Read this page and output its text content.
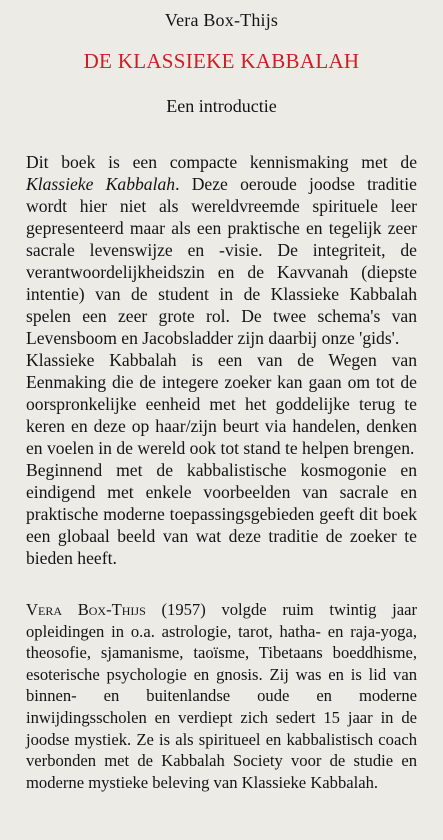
Vera Box-Thijs
DE KLASSIEKE KABBALAH
Een introductie

Dit boek is een compacte kennismaking met de Klassieke Kabbalah. Deze oeroude joodse traditie wordt hier niet als wereldvreemde spirituele leer gepresenteerd maar als een praktische en tegelijk zeer sacrale levenswijze en -visie. De integriteit, de verantwoordelijkheidszin en de Kavvanah (diepste intentie) van de student in de Klassieke Kabbalah spelen een zeer grote rol. De twee schema's van Levensboom en Jacobsladder zijn daarbij onze 'gids'.

Klassieke Kabbalah is een van de Wegen van Eenmaking die de integere zoeker kan gaan om tot de oorspronkelijke eenheid met het goddelijke terug te keren en deze op haar/zijn beurt via handelen, denken en voelen in de wereld ook tot stand te helpen brengen.

Beginnend met de kabbalistische kosmogonie en eindigend met enkele voorbeelden van sacrale en praktische moderne toepassingsgebieden geeft dit boek een globaal beeld van wat deze traditie de zoeker te bieden heeft.

Vera Box-Thijs (1957) volgde ruim twintig jaar opleidingen in o.a. astrologie, tarot, hatha- en raja-yoga, theosofie, sjamanisme, taoïsme, Tibetaans boeddhisme, esoterische psychologie en gnosis. Zij was en is lid van binnen- en buitenlandse oude en moderne inwijdingsscholen en verdiept zich sedert 15 jaar in de joodse mystiek. Ze is als spiritueel en kabbalistisch coach verbonden met de Kabbalah Society voor de studie en moderne mystieke beleving van Klassieke Kabbalah.
